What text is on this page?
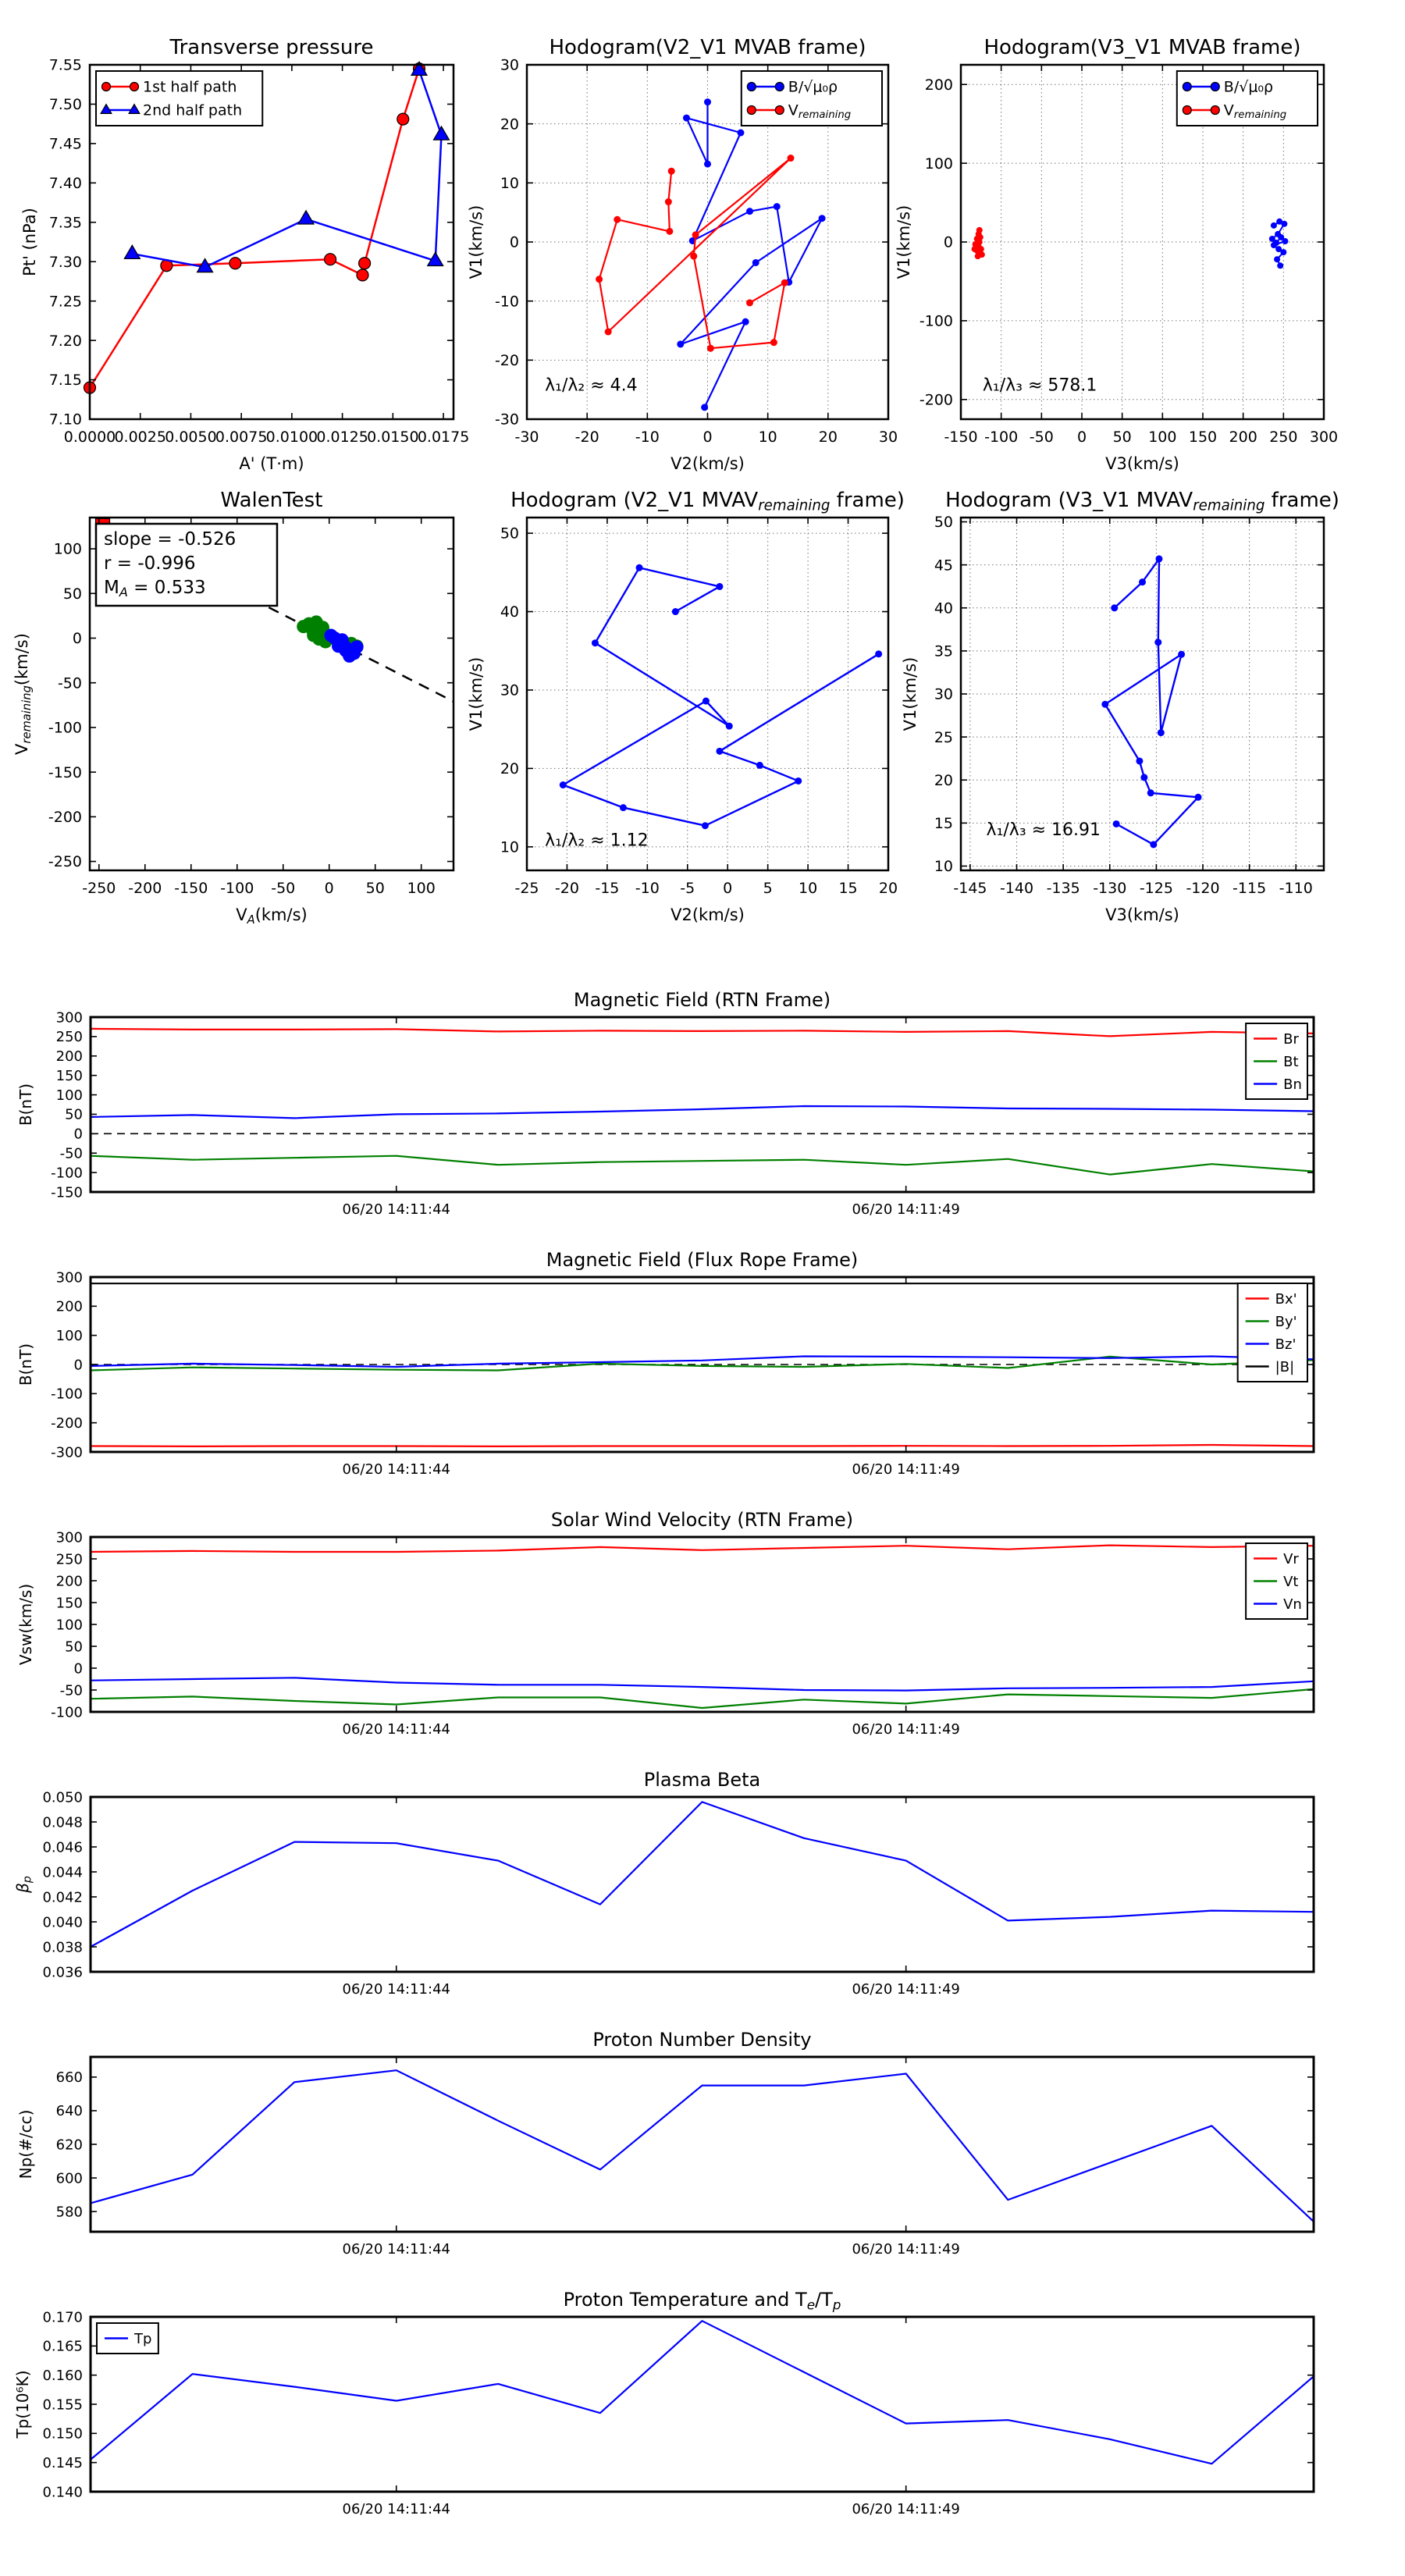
0.0000
0.0025
0.0050
0.0075
0.0100
0.0125
0.0150
0.0175
7.10
7.15
7.20
7.25
7.30
7.35
7.40
7.45
7.50
7.55
Transverse pressure
A' (T·m)
Pt' (nPa)
1st half path
2nd half path
-30 -20 -10	0	10	20	30
-30
-20
-10
0
10
20
30
Hodogram(V2_V1 MVAB frame)
V2(km/s)
V1(km/s)
λ₁/λ₂ ≈ 4.4
B/√μ₀ρ
Vremaining
-150 -100 -50 0 50 100 150 200 250 300
-200
-100
0
100
200
Hodogram(V3_V1 MVAB frame)
V3(km/s)
V1(km/s)
λ₁/λ₃ ≈ 578.1
B/√μ₀ρ
Vremaining
-250 -200 -150 -100 -50 0 50 100
-250
-200
-150
-100
-50
0
50
100
WalenTest
VA(km/s)
Vremaining(km/s)
slope = -0.526
r = -0.996
MA = 0.533
-25 -20 -15 -10 -5 0 5 10 15 20
10
20
30
40
50
Hodogram (V2_V1 MVAVremaining frame)
V2(km/s)
V1(km/s)
λ₁/λ₂ ≈ 1.12
-145 -140 -135 -130 -125 -120 -115 -110
10
15
20
25
30
35
40
45
50
Hodogram (V3_V1 MVAVremaining frame)
V3(km/s)
V1(km/s)
λ₁/λ₃ ≈ 16.91
06/20 14:11:44	06/20 14:11:49
-150
-100
-50
0
50
100
150
200
250
300
Magnetic Field (RTN Frame)
B(nT)
Br
Bt
Bn
06/20 14:11:44	06/20 14:11:49
-300
-200
-100
0
100
200
300
Magnetic Field (Flux Rope Frame)
B(nT)
Bx'
By'
Bz'
|B|
06/20 14:11:44	06/20 14:11:49
-100
-50
0
50
100
150
200
250
300
Solar Wind Velocity (RTN Frame)
Vsw(km/s)
Vr
Vt
Vn
06/20 14:11:44	06/20 14:11:49
0.036
0.038
0.040
0.042
0.044
0.046
0.048
0.050
Plasma Beta
βp
06/20 14:11:44	06/20 14:11:49
580
600
620
640
660
Proton Number Density
Np(#/cc)
06/20 14:11:44	06/20 14:11:49
0.140
0.145
0.150
0.155
0.160
0.165
0.170
Proton Temperature and Te/Tp
Tp(10⁶K)
Tp
